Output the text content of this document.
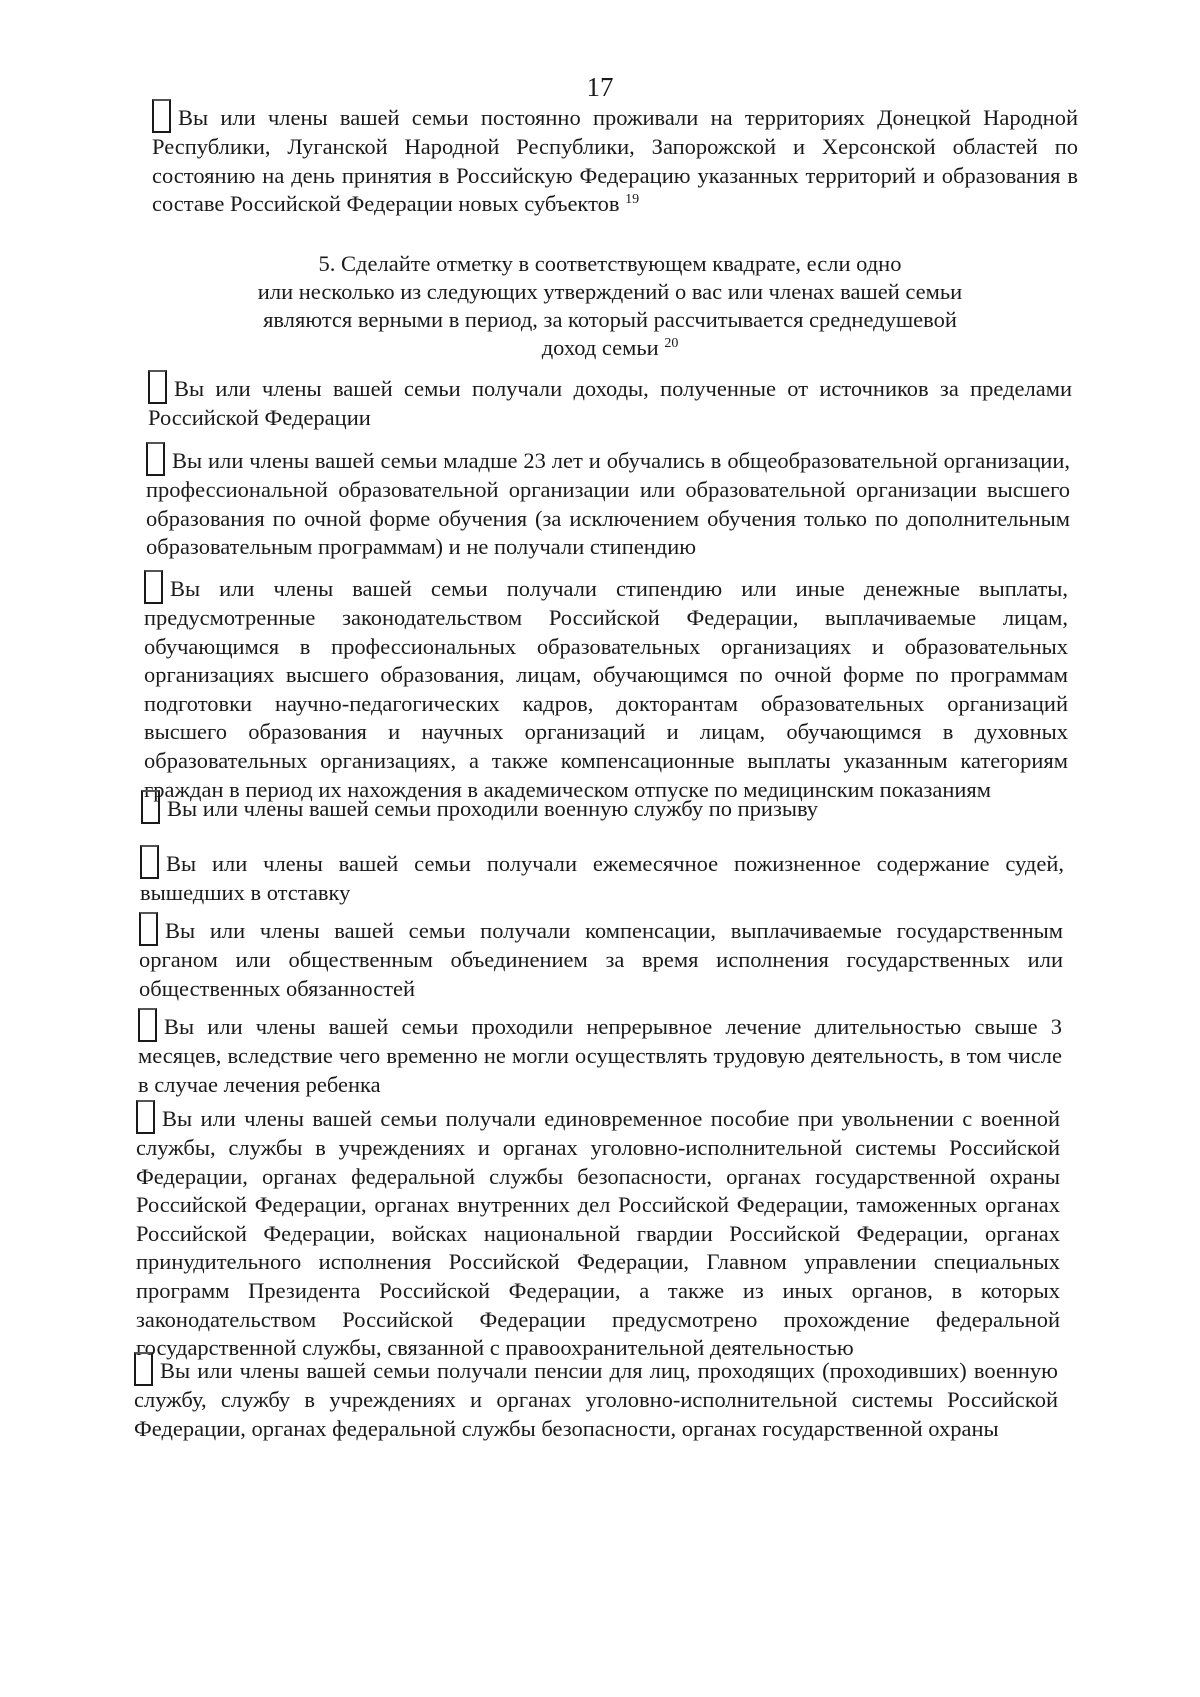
17
Вы или члены вашей семьи постоянно проживали на территориях Донецкой Народной Республики, Луганской Народной Республики, Запорожской и Херсонской областей по состоянию на день принятия в Российскую Федерацию указанных территорий и образования в составе Российской Федерации новых субъектов $^{19}$
5. Сделайте отметку в соответствующем квадрате, если одно
или несколько из следующих утверждений о вас или членах вашей семьи
являются верными в период, за который рассчитывается среднедушевой
доход семьи $^{20}$
Вы или члены вашей семьи получали доходы, полученные от источников за пределами Российской Федерации
Вы или члены вашей семьи младше 23 лет и обучались в общеобразовательной организации, профессиональной образовательной организации или образовательной организации высшего образования по очной форме обучения (за исключением обучения только по дополнительным образовательным программам) и не получали стипендию
Вы или члены вашей семьи получали стипендию или иные денежные выплаты, предусмотренные законодательством Российской Федерации, выплачиваемые лицам, обучающимся в профессиональных образовательных организациях и образовательных организациях высшего образования, лицам, обучающимся по очной форме по программам подготовки научно-педагогических кадров, докторантам образовательных организаций высшего образования и научных организаций и лицам, обучающимся в духовных образовательных организациях, а также компенсационные выплаты указанным категориям граждан в период их нахождения в академическом отпуске по медицинским показаниям
Вы или члены вашей семьи проходили военную службу по призыву
Вы или члены вашей семьи получали ежемесячное пожизненное содержание судей, вышедших в отставку
Вы или члены вашей семьи получали компенсации, выплачиваемые государственным органом или общественным объединением за время исполнения государственных или общественных обязанностей
Вы или члены вашей семьи проходили непрерывное лечение длительностью свыше 3 месяцев, вследствие чего временно не могли осуществлять трудовую деятельность, в том числе в случае лечения ребенка
Вы или члены вашей семьи получали единовременное пособие при увольнении с военной службы, службы в учреждениях и органах уголовно-исполнительной системы Российской Федерации, органах федеральной службы безопасности, органах государственной охраны Российской Федерации, органах внутренних дел Российской Федерации, таможенных органах Российской Федерации, войсках национальной гвардии Российской Федерации, органах принудительного исполнения Российской Федерации, Главном управлении специальных программ Президента Российской Федерации, а также из иных органов, в которых законодательством Российской Федерации предусмотрено прохождение федеральной государственной службы, связанной с правоохранительной деятельностью
Вы или члены вашей семьи получали пенсии для лиц, проходящих (проходивших) военную службу, службу в учреждениях и органах уголовно-исполнительной системы Российской Федерации, органах федеральной службы безопасности, органах государственной охраны
